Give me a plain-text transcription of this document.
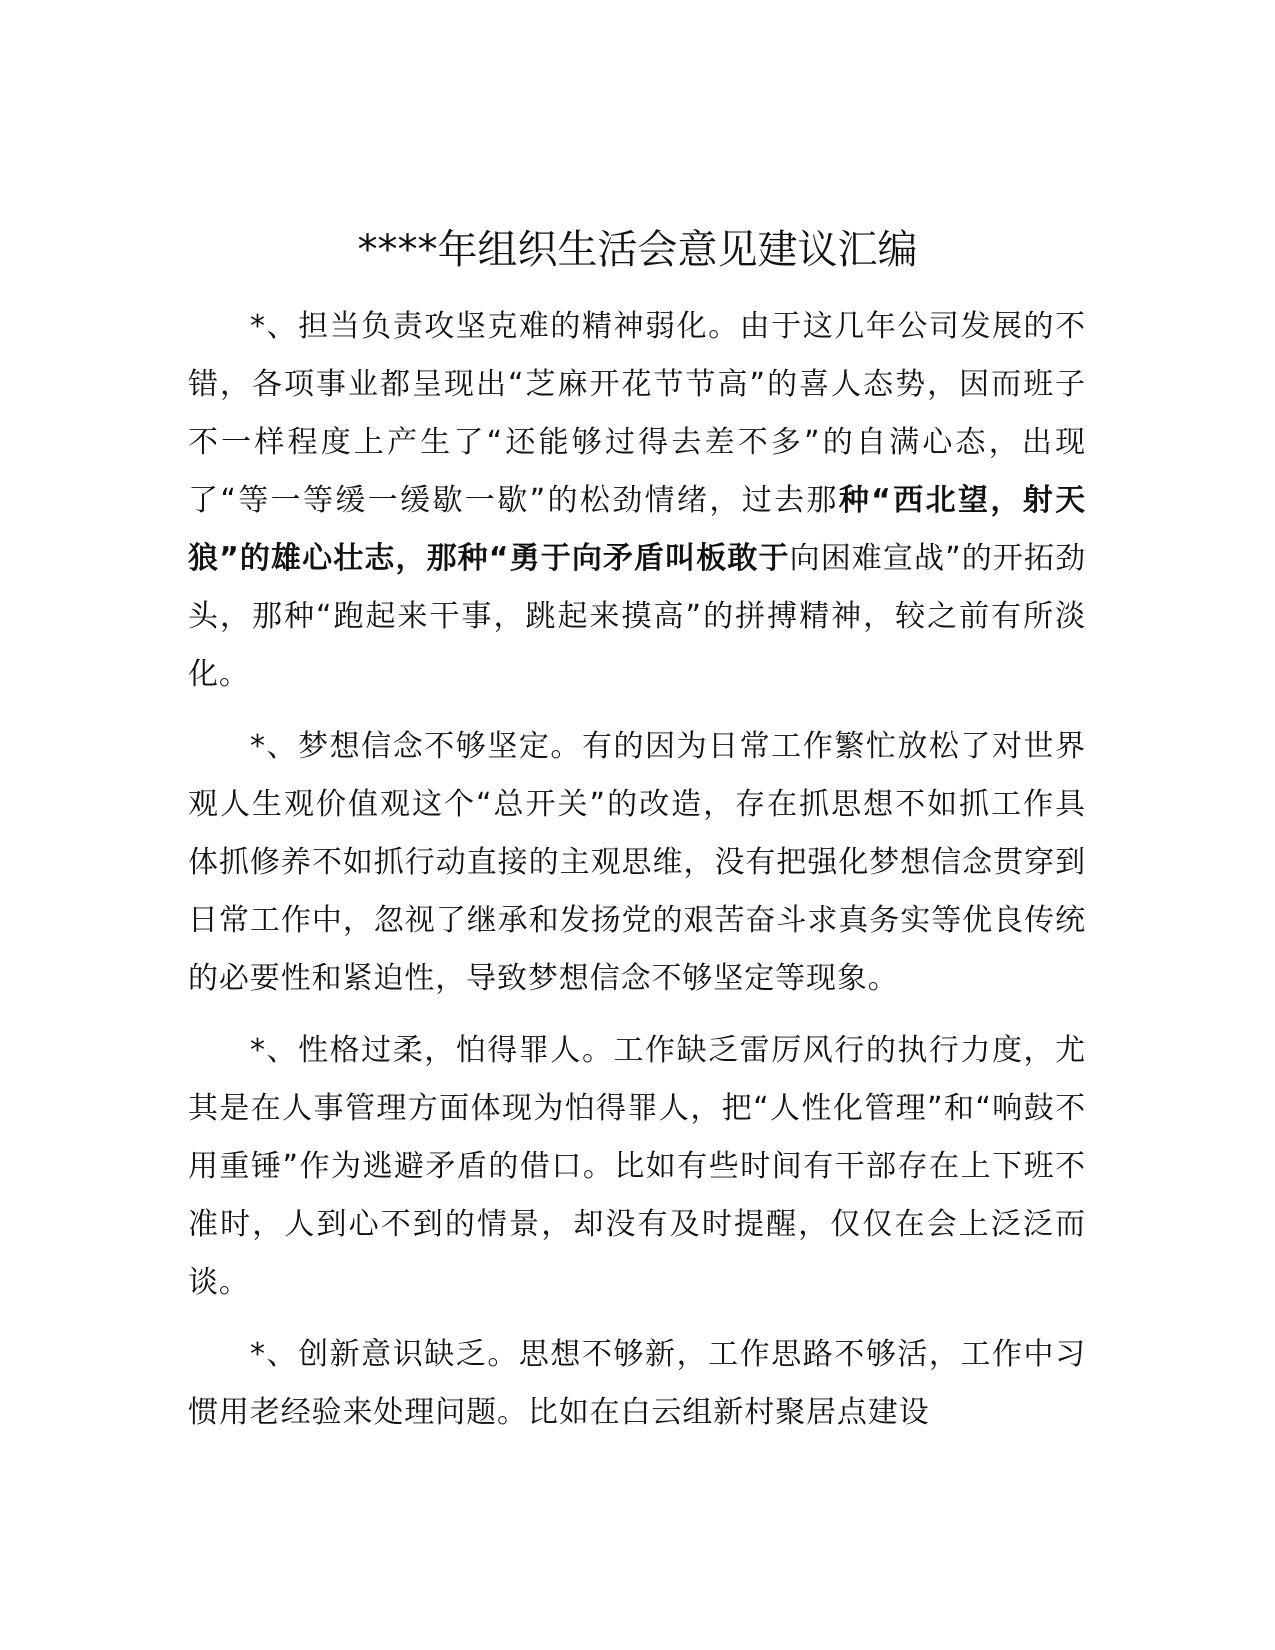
****年组织生活会意见建议汇编

*、担当负责攻坚克难的精神弱化。由于这几年公司发展的不错，各项事业都呈现出“芝麻开花节节高”的喜人态势，因而班子不一样程度上产生了“还能够过得去差不多”的自满心态，出现了“等一等缓一缓歇一歇”的松劲情绪，过去那种“西北望，射天狼”的雄心壮志，那种“勇于向矛盾叫板敢于向困难宣战”的开拓劲头，那种“跑起来干事，跳起来摸高”的拼搏精神，较之前有所淡化。

*、梦想信念不够坚定。有的因为日常工作繁忙放松了对世界观人生观价值观这个“总开关”的改造，存在抓思想不如抓工作具体抓修养不如抓行动直接的主观思维，没有把强化梦想信念贯穿到日常工作中，忽视了继承和发扬党的艰苦奋斗求真务实等优良传统的必要性和紧迫性，导致梦想信念不够坚定等现象。

*、性格过柔，怕得罪人。工作缺乏雷厉风行的执行力度，尤其是在人事管理方面体现为怕得罪人，把“人性化管理”和“响鼓不用重锤”作为逃避矛盾的借口。比如有些时间有干部存在上下班不准时，人到心不到的情景，却没有及时提醒，仅仅在会上泛泛而谈。

*、创新意识缺乏。思想不够新，工作思路不够活，工作中习惯用老经验来处理问题。比如在白云组新村聚居点建设
